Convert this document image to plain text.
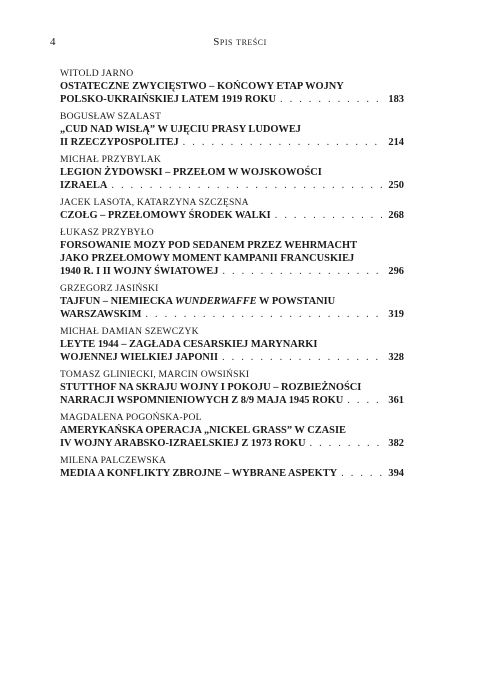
4	Spis treści
WITOLD JARNO
OSTATECZNE ZWYCIĘSTWO – KOŃCOWY ETAP WOJNY
POLSKO-UKRAIŃSKIEJ LATEM 1919 ROKU . . .	183
BOGUSŁAW SZALAST
„CUD NAD WISŁĄ” W UJĘCIU PRASY LUDOWEJ
II RZECZYPOSPOLITEJ . . .	214
MICHAŁ PRZYBYLAK
LEGION ŻYDOWSKI – PRZEŁOM W WOJSKOWOŚCI
IZRAELA . . .	250
JACEK LASOTA, KATARZYNA SZCZĘSNA
CZOŁG – PRZEŁOMOWY ŚRODEK WALKI . . .	268
ŁUKASZ PRZYBYŁO
FORSOWANIE MOZY POD SEDANEM PRZEZ WEHRMACHT
JAKO PRZEŁOMOWY MOMENT KAMPANII FRANCUSKIEJ
1940 R. I II WOJNY ŚWIATOWEJ . . .	296
GRZEGORZ JASIŃSKI
TAJFUN – NIEMIECKA WUNDERWAFFE W POWSTANIU
WARSZAWSKIM . . .	319
MICHAŁ DAMIAN SZEWCZYK
LEYTE 1944 – ZAGŁADA CESARSKIEJ MARYNARKI
WOJENNEJ WIELKIEJ JAPONII . . .	328
TOMASZ GLINIECKI, MARCIN OWSIŃSKI
STUTTHOF NA SKRAJU WOJNY I POKOJU – ROZBIEŻNOŚCI
NARRACJI WSPOMNIENIOWYCH Z 8/9 MAJA 1945 ROKU . . .	361
MAGDALENA POGOŃSKA-POL
AMERYKAŃSKA OPERACJA „NICKEL GRASS” W CZASIE
IV WOJNY ARABSKO-IZRAELSKIEJ Z 1973 ROKU . . .	382
MILENA PALCZEWSKA
MEDIA A KONFLIKTY ZBROJNE – WYBRANE ASPEKTY . . .	394
